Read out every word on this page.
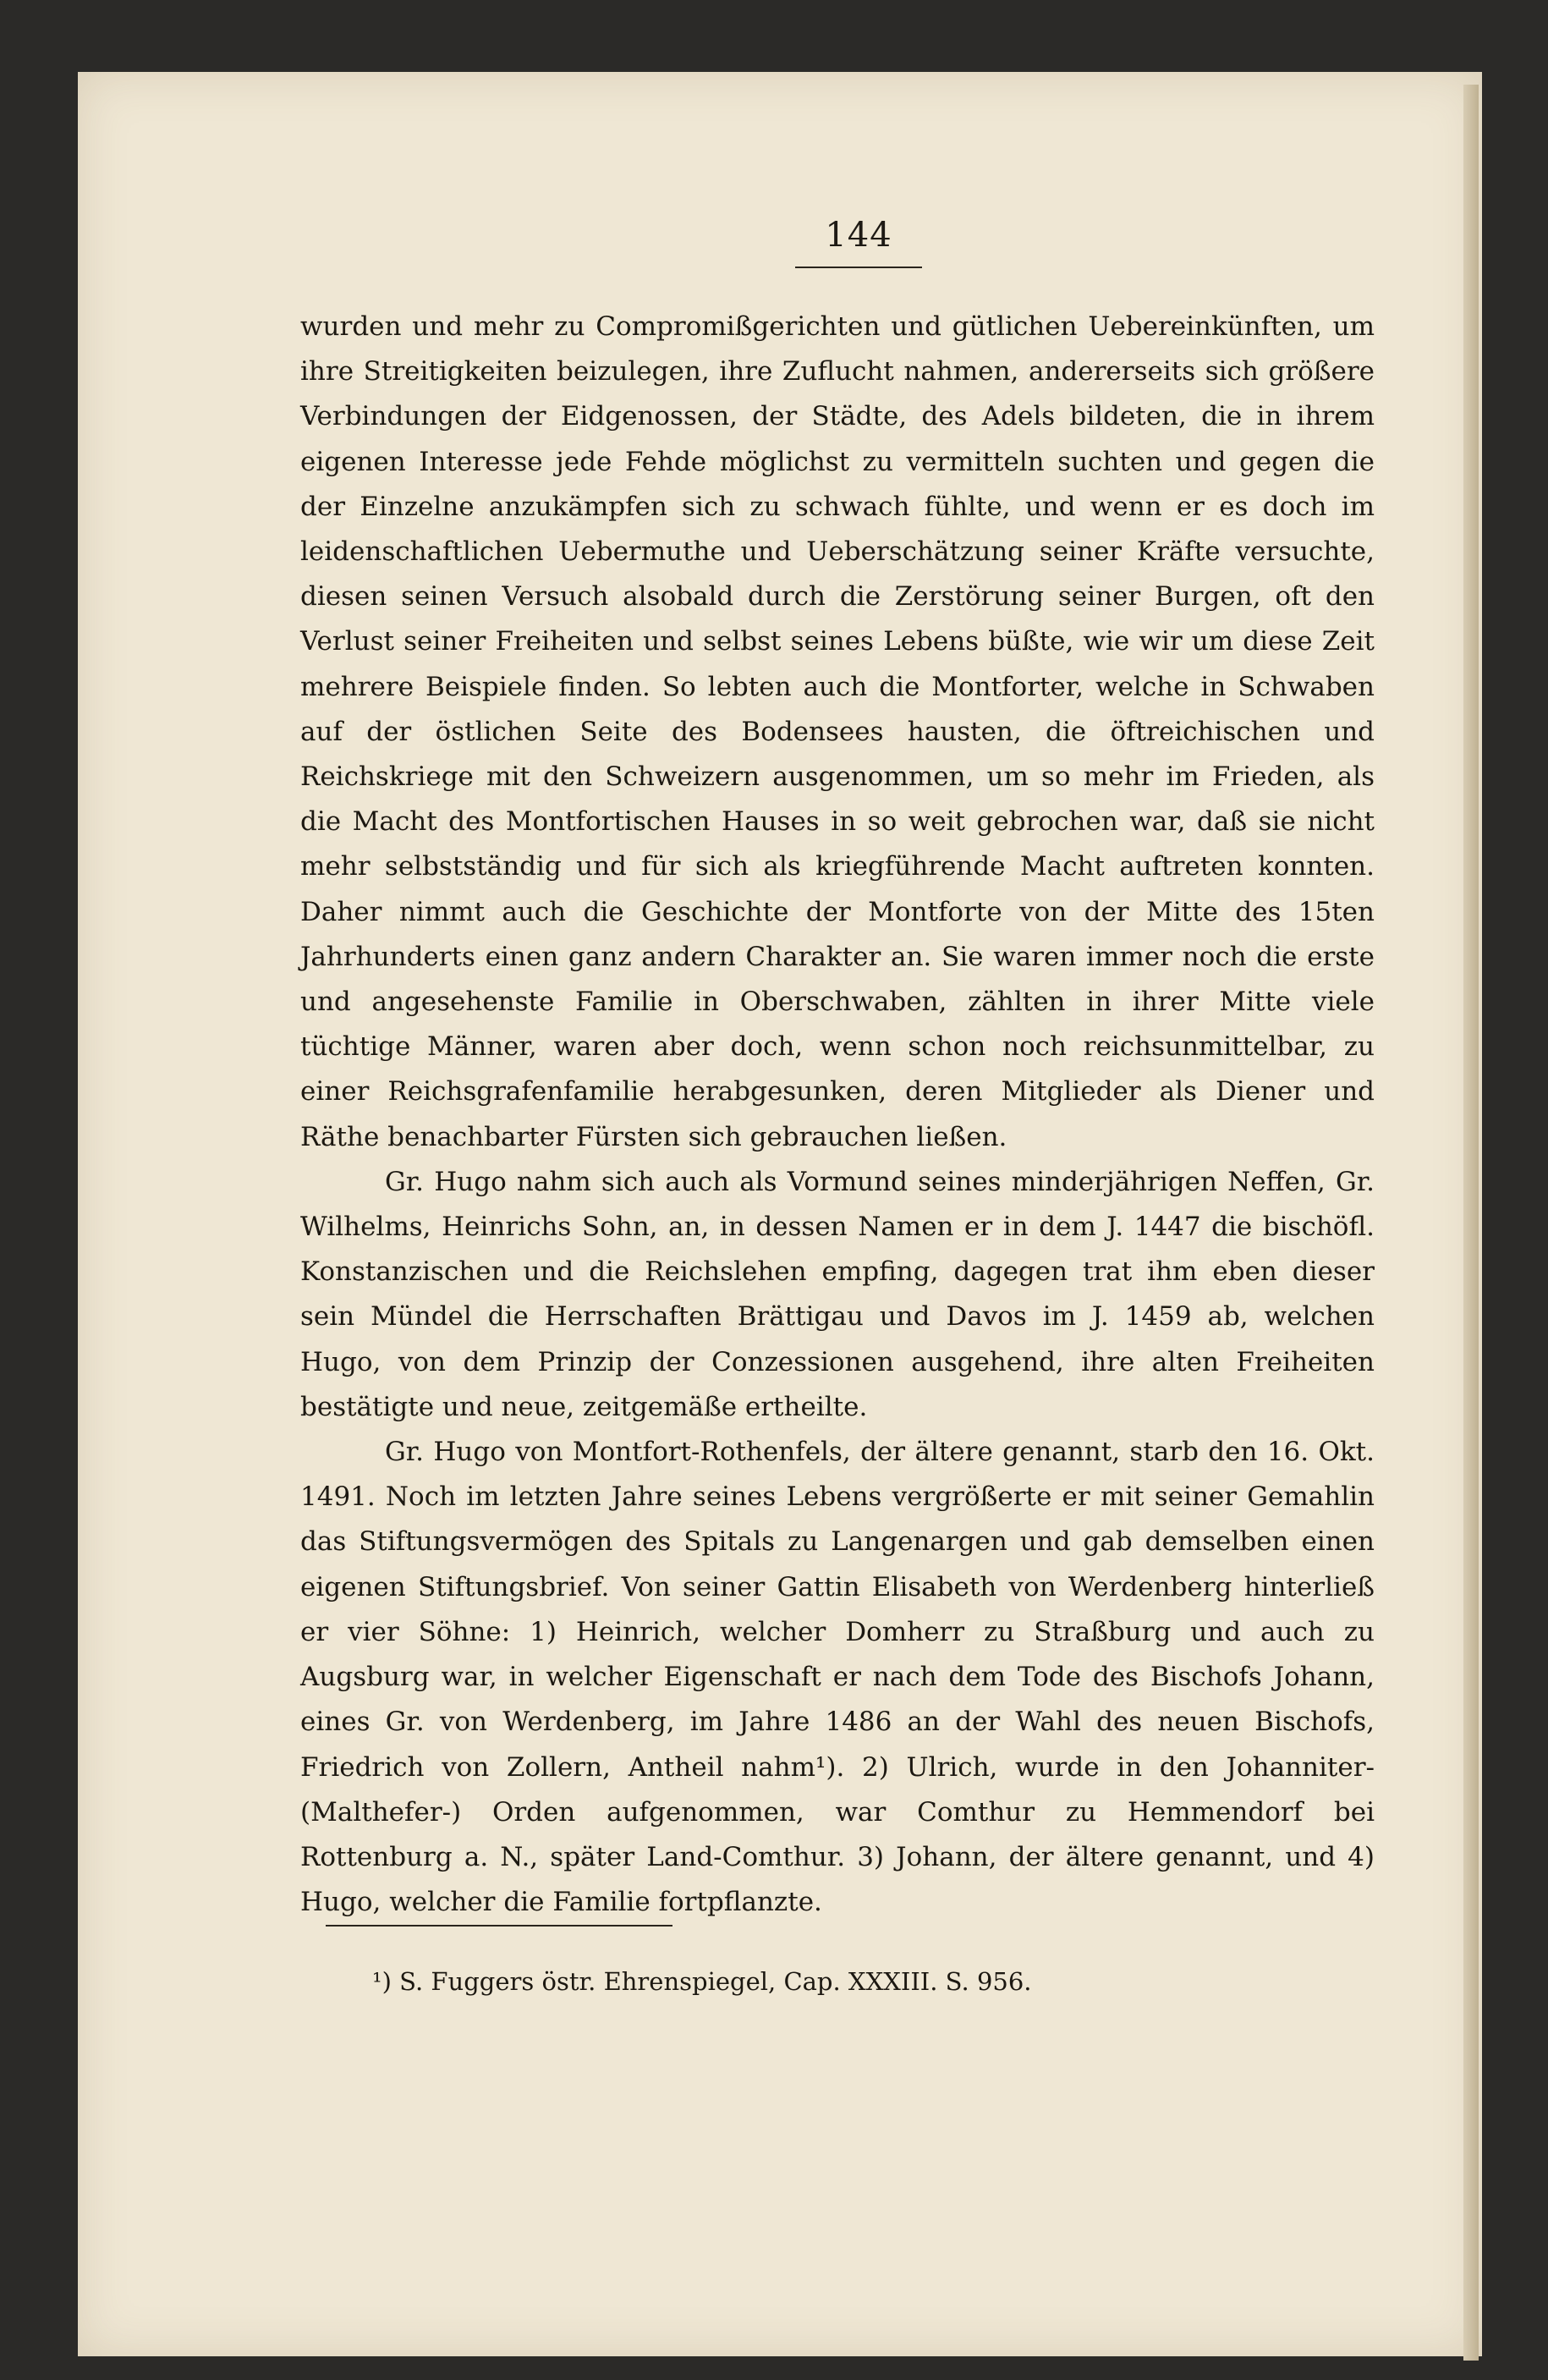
144

wurden und mehr zu Compromißgerichten und gütlichen Uebereinkünften, um ihre Streitigkeiten beizulegen, ihre Zuflucht nahmen, andererseits sich größere Verbindungen der Eidgenossen, der Städte, des Adels bildeten, die in ihrem eigenen Interesse jede Fehde möglichst zu vermitteln suchten und gegen die der Einzelne anzukämpfen sich zu schwach fühlte, und wenn er es doch im leidenschaftlichen Uebermuthe und Ueberschätzung seiner Kräfte versuchte, diesen seinen Versuch alsobald durch die Zerstörung seiner Burgen, oft den Verlust seiner Freiheiten und selbst seines Lebens büßte, wie wir um diese Zeit mehrere Beispiele finden. So lebten auch die Montforter, welche in Schwaben auf der östlichen Seite des Bodensees hausten, die öftreichischen und Reichskriege mit den Schweizern ausgenommen, um so mehr im Frieden, als die Macht des Montfortischen Hauses in so weit gebrochen war, daß sie nicht mehr selbstständig und für sich als kriegführende Macht auftreten konnten. Daher nimmt auch die Geschichte der Montforte von der Mitte des 15ten Jahrhunderts einen ganz andern Charakter an. Sie waren immer noch die erste und angesehenste Familie in Oberschwaben, zählten in ihrer Mitte viele tüchtige Männer, waren aber doch, wenn schon noch reichsunmittelbar, zu einer Reichsgrafenfamilie herabgesunken, deren Mitglieder als Diener und Räthe benachbarter Fürsten sich gebrauchen ließen.

Gr. Hugo nahm sich auch als Vormund seines minderjährigen Neffen, Gr. Wilhelms, Heinrichs Sohn, an, in dessen Namen er in dem J. 1447 die bischöfl. Konstanzischen und die Reichslehen empfing, dagegen trat ihm eben dieser sein Mündel die Herrschaften Brättigau und Davos im J. 1459 ab, welchen Hugo, von dem Prinzip der Conzessionen ausgehend, ihre alten Freiheiten bestätigte und neue, zeitgemäße ertheilte.

Gr. Hugo von Montfort-Rothenfels, der ältere genannt, starb den 16. Okt. 1491. Noch im letzten Jahre seines Lebens vergrößerte er mit seiner Gemahlin das Stiftungsvermögen des Spitals zu Langenargen und gab demselben einen eigenen Stiftungsbrief. Von seiner Gattin Elisabeth von Werdenberg hinterließ er vier Söhne: 1) Heinrich, welcher Domherr zu Straßburg und auch zu Augsburg war, in welcher Eigenschaft er nach dem Tode des Bischofs Johann, eines Gr. von Werdenberg, im Jahre 1486 an der Wahl des neuen Bischofs, Friedrich von Zollern, Antheil nahm¹). 2) Ulrich, wurde in den Johanniter- (Malthefer-) Orden aufgenommen, war Comthur zu Hemmendorf bei Rottenburg a. N., später Land-Comthur. 3) Johann, der ältere genannt, und 4) Hugo, welcher die Familie fortpflanzte.

¹) S. Fuggers östr. Ehrenspiegel, Cap. XXXIII. S. 956.
